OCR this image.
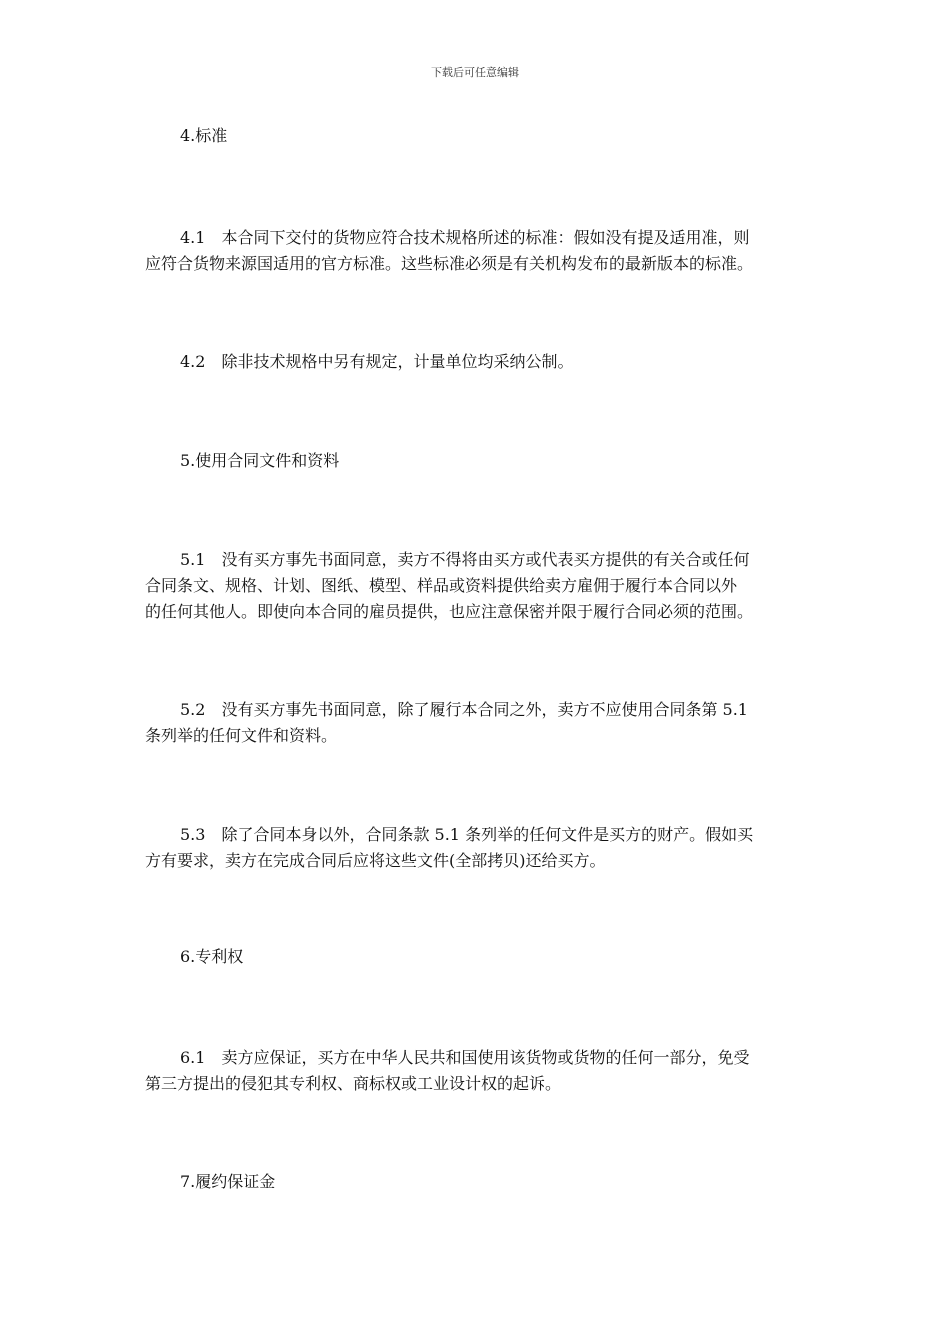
下载后可任意编辑
4.标准
4.1　本合同下交付的货物应符合技术规格所述的标准：假如没有提及适用准，则
应符合货物来源国适用的官方标准。这些标准必须是有关机构发布的最新版本的标准。
4.2　除非技术规格中另有规定，计量单位均采纳公制。
5.使用合同文件和资料
5.1　没有买方事先书面同意，卖方不得将由买方或代表买方提供的有关合或任何
合同条文、规格、计划、图纸、模型、样品或资料提供给卖方雇佣于履行本合同以外
的任何其他人。即使向本合同的雇员提供，也应注意保密并限于履行合同必须的范围。
5.2　没有买方事先书面同意，除了履行本合同之外，卖方不应使用合同条第 5.1
条列举的任何文件和资料。
5.3　除了合同本身以外，合同条款 5.1 条列举的任何文件是买方的财产。假如买
方有要求，卖方在完成合同后应将这些文件(全部拷贝)还给买方。
6.专利权
6.1　卖方应保证，买方在中华人民共和国使用该货物或货物的任何一部分，免受
第三方提出的侵犯其专利权、商标权或工业设计权的起诉。
7.履约保证金
